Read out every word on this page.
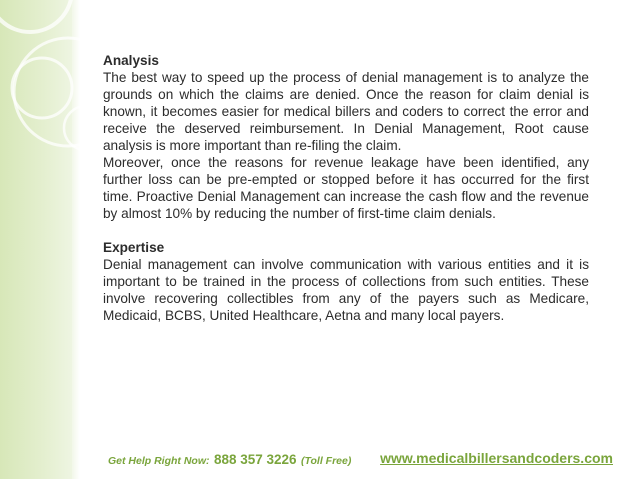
Analysis

The best way to speed up the process of denial management is to analyze the grounds on which the claims are denied. Once the reason for claim denial is known, it becomes easier for medical billers and coders to correct the error and receive the deserved reimbursement. In Denial Management, Root cause analysis is more important than re-filing the claim.

Moreover, once the reasons for revenue leakage have been identified, any further loss can be pre-empted or stopped before it has occurred for the first time. Proactive Denial Management can increase the cash flow and the revenue by almost 10% by reducing the number of first-time claim denials.

Expertise

Denial management can involve communication with various entities and it is important to be trained in the process of collections from such entities. These involve recovering collectibles from any of the payers such as Medicare, Medicaid, BCBS, United Healthcare, Aetna and many local payers.

Get Help Right Now: 888 357 3226 (Toll Free) www.medicalbillersandcoders.com
